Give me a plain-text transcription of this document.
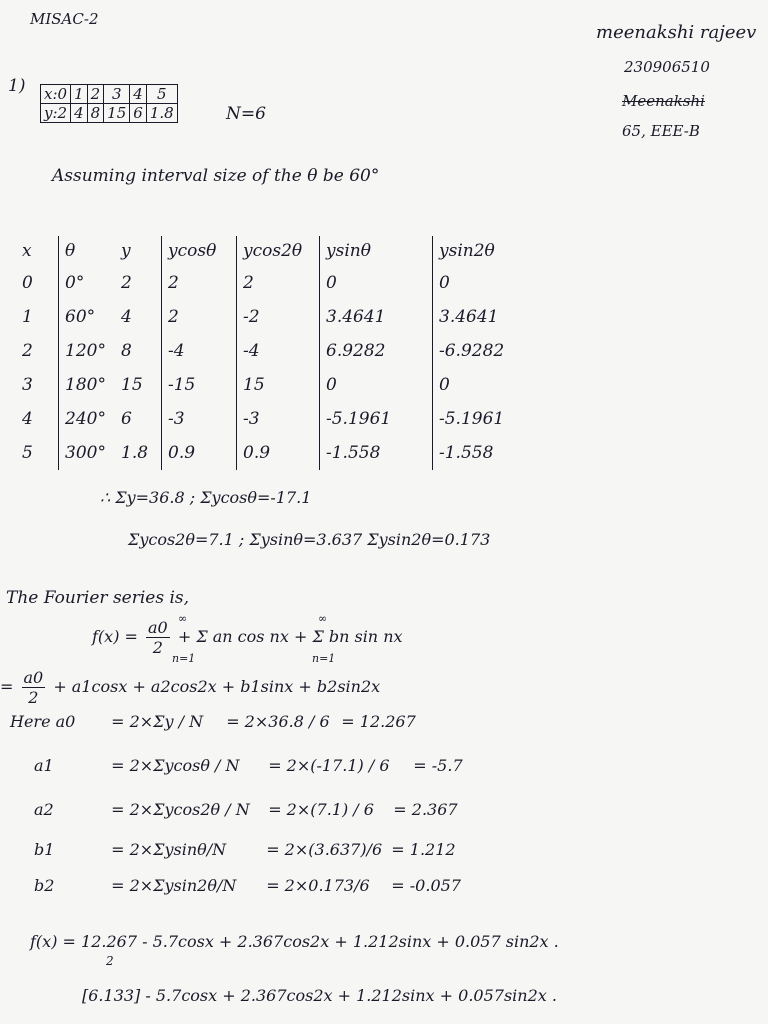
MISAC-2
meenakshi rajeev
230906510
Meenakshi
65, EEE-B
1) x:0	1	2	3	4	5
y:2	4	8	15	6	1.8	N=6
Assuming interval size of the θ be 60°
x	θ	y	ycosθ	ycos2θ	ysinθ	ysin2θ
0	0°	2	2	2	0	0
1	60°	4	2	-2	3.4641	3.4641
2	120°	8	-4	-4	6.9282	-6.9282
3	180°	15	-15	15	0	0
4	240°	6	-3	-3	-5.1961	-5.1961
5	300°	1.8	0.9	0.9	-1.558	-1.558
∴ Σy=36.8 ; Σycosθ=-17.1
Σycos2θ=7.1 ; Σysinθ=3.637 Σysin2θ=0.173
The Fourier series is,
$f(x) = \frac{a0}{2} + \Sigma$ an cos nx + Σ bn sin nx
∞
n=1
∞
n=1
= $\frac{a0}{2} + a1\cos x + a2\cos 2x + b1\sin x + b2\sin 2x$
Here a0 = 2×Σy / N = 2×36.8 / 6 = 12.267
a1	= 2×Σycosθ / N = 2×(-17.1) / 6 = -5.7
a2	= 2×Σycos2θ / N = 2×(7.1) / 6 = 2.367
b1	= 2×Σysinθ/N	= 2×(3.637)/6 = 1.212
b2	= 2×Σysin2θ/N = 2×0.173/6 = -0.057
f(x) = 12.267 - 5.7cosx + 2.367cos2x + 1.212sinx + 0.057 sin2x .
2
[6.133] - 5.7cosx + 2.367cos2x + 1.212sinx + 0.057sin2x .
